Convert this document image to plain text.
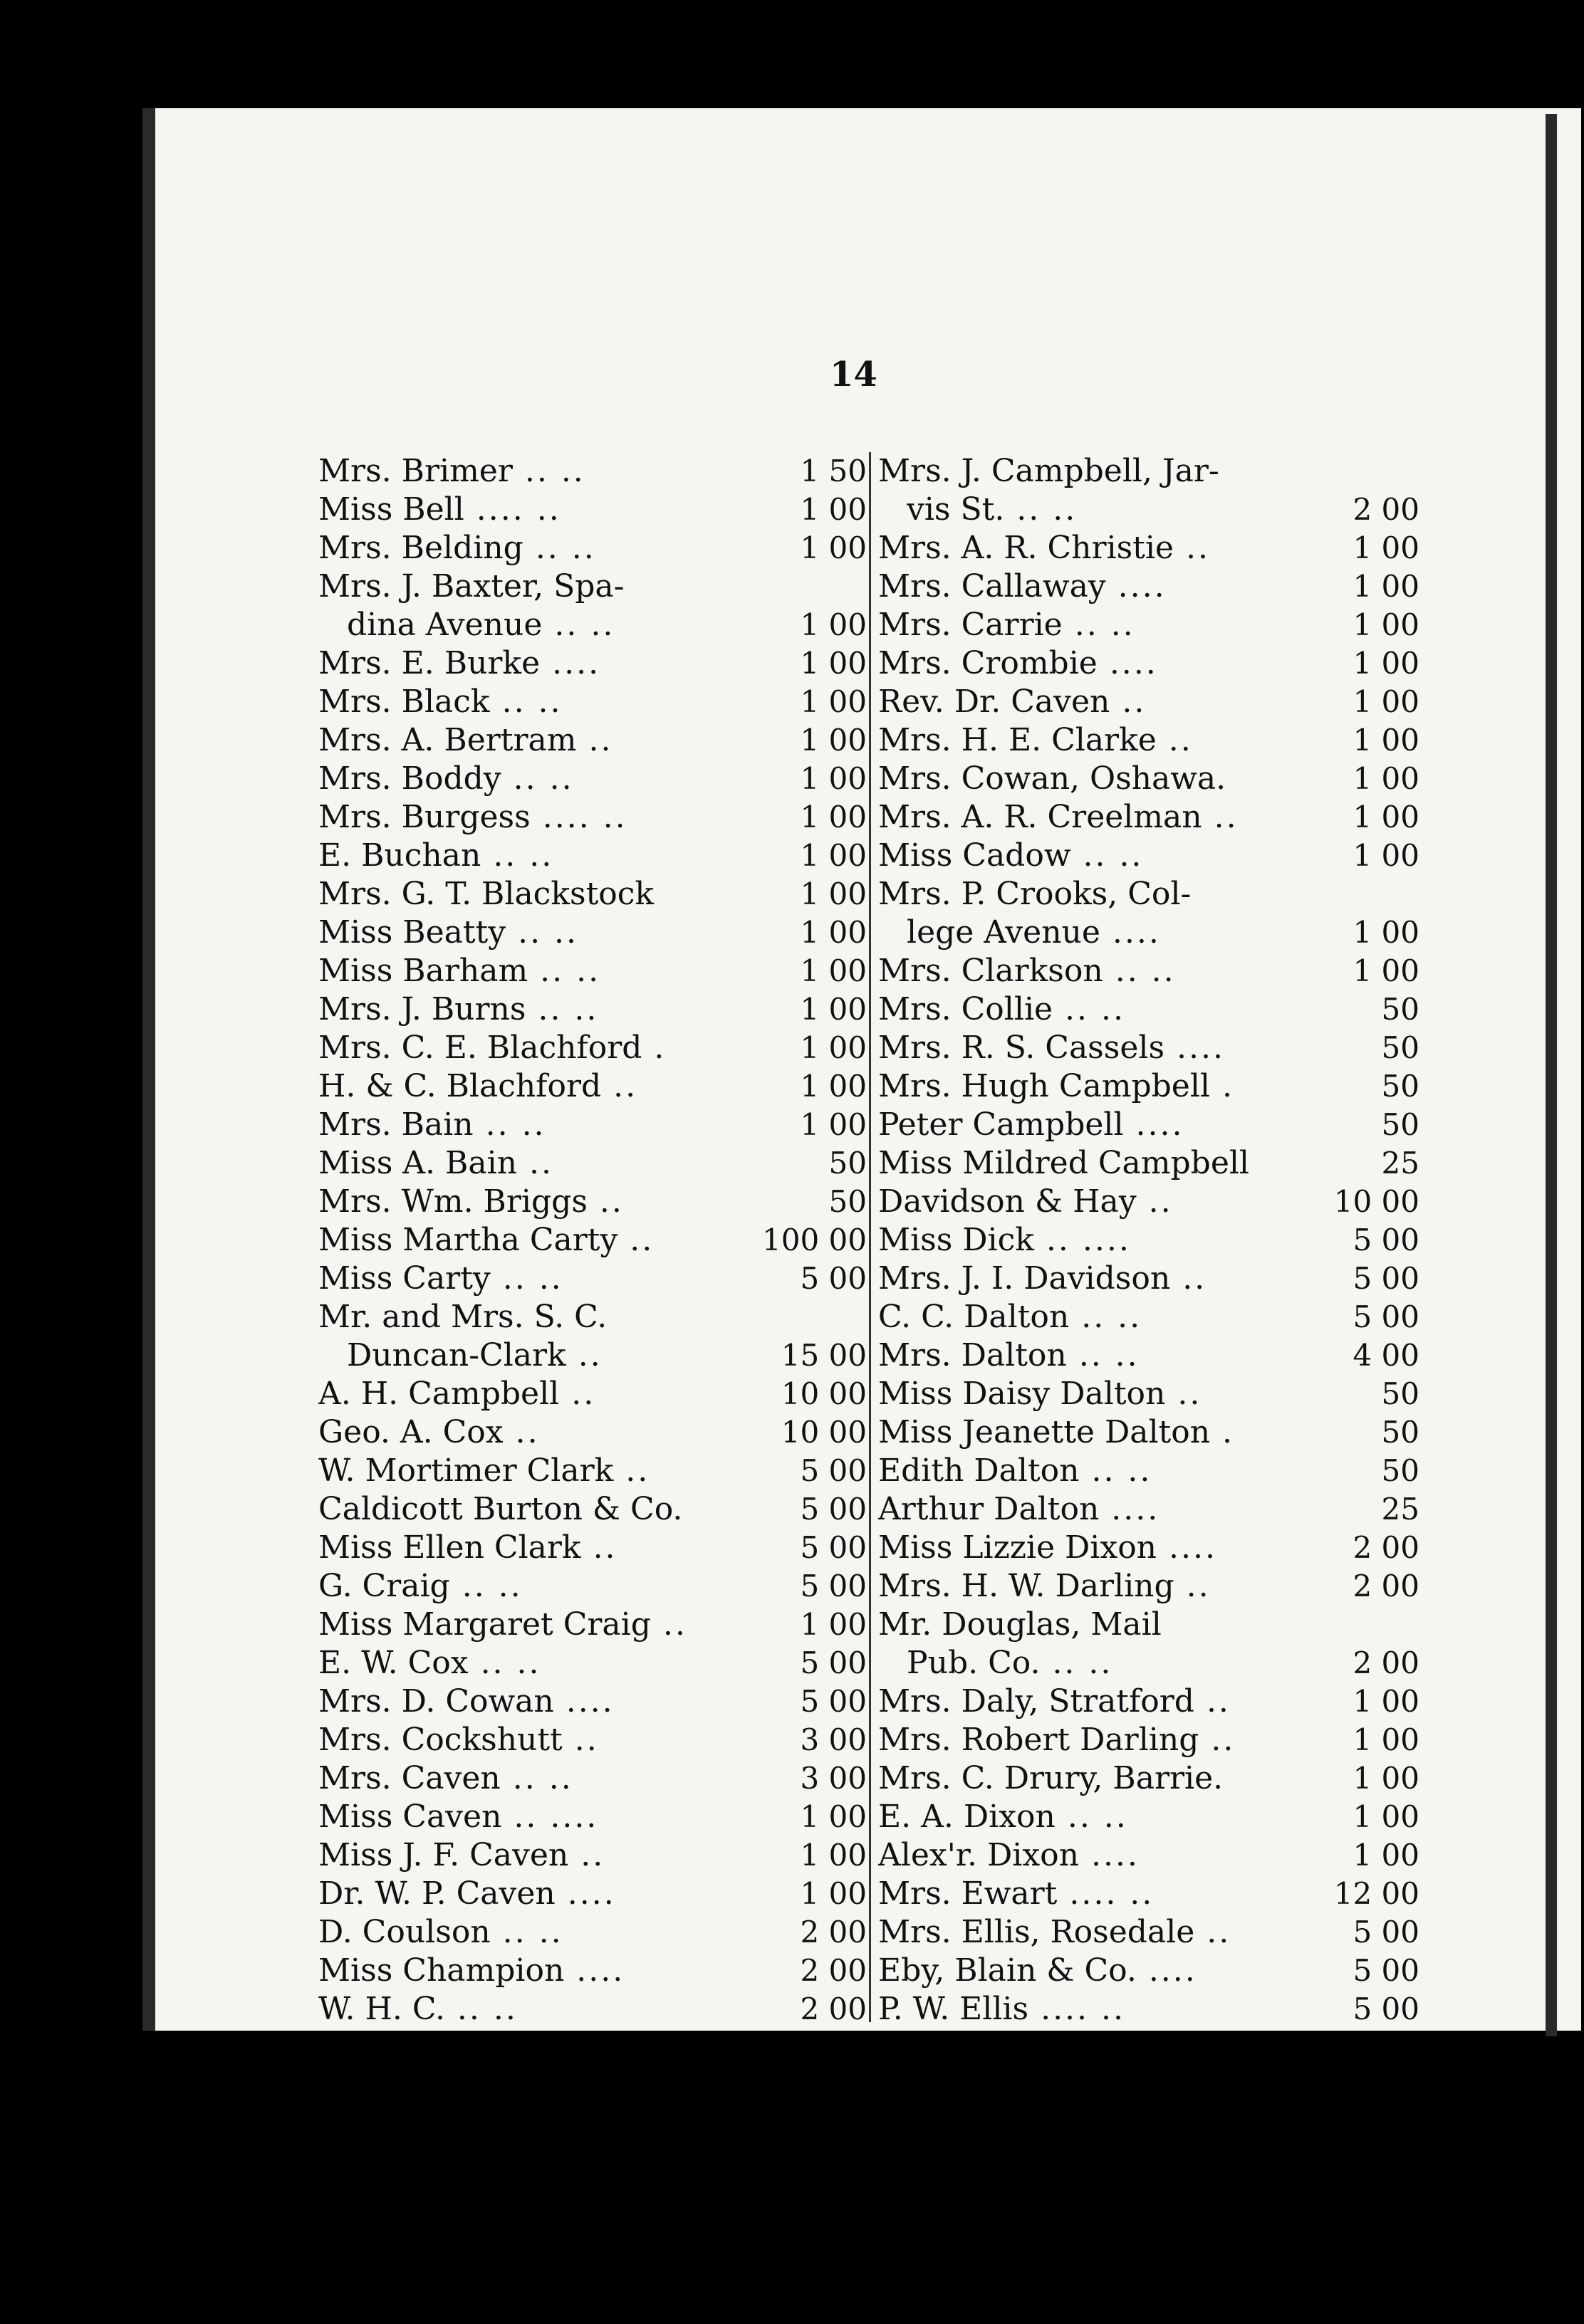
14
Mrs. Brimer .. ..	1 50
Miss Bell .... ..	1 00
Mrs. Belding .. ..	1 00
Mrs. J. Baxter, Spa-
dina Avenue .. ..	1 00
Mrs. E. Burke ....	1 00
Mrs. Black .. ..	1 00
Mrs. A. Bertram ..	1 00
Mrs. Boddy .. ..	1 00
Mrs. Burgess .... ..	1 00
E. Buchan .. ..	1 00
Mrs. G. T. Blackstock	1 00
Miss Beatty .. ..	1 00
Miss Barham .. ..	1 00
Mrs. J. Burns .. ..	1 00
Mrs. C. E. Blachford .	1 00
H. & C. Blachford ..	1 00
Mrs. Bain .. ..	1 00
Miss A. Bain ..	50
Mrs. Wm. Briggs ..	50
Miss Martha Carty ..	100 00
Miss Carty .. ..	5 00
Mr. and Mrs. S. C.
Duncan-Clark ..	15 00
A. H. Campbell ..	10 00
Geo. A. Cox ..	10 00
W. Mortimer Clark ..	5 00
Caldicott Burton & Co.	5 00
Miss Ellen Clark ..	5 00
G. Craig .. ..	5 00
Miss Margaret Craig ..	1 00
E. W. Cox .. ..	5 00
Mrs. D. Cowan ....	5 00
Mrs. Cockshutt ..	3 00
Mrs. Caven .. ..	3 00
Miss Caven .. ....	1 00
Miss J. F. Caven ..	1 00
Dr. W. P. Caven ....	1 00
D. Coulson .. ..	2 00
Miss Champion ....	2 00
W. H. C. .. ..	2 00
Mrs. J. Campbell, Jar-
vis St. .. ..	2 00
Mrs. A. R. Christie ..	1 00
Mrs. Callaway ....	1 00
Mrs. Carrie .. ..	1 00
Mrs. Crombie ....	1 00
Rev. Dr. Caven ..	1 00
Mrs. H. E. Clarke ..	1 00
Mrs. Cowan, Oshawa.	1 00
Mrs. A. R. Creelman ..	1 00
Miss Cadow .. ..	1 00
Mrs. P. Crooks, Col-
lege Avenue ....	1 00
Mrs. Clarkson .. ..	1 00
Mrs. Collie .. ..	50
Mrs. R. S. Cassels ....	50
Mrs. Hugh Campbell .	50
Peter Campbell ....	50
Miss Mildred Campbell	25
Davidson & Hay ..	10 00
Miss Dick .. ....	5 00
Mrs. J. I. Davidson ..	5 00
C. C. Dalton .. ..	5 00
Mrs. Dalton .. ..	4 00
Miss Daisy Dalton ..	50
Miss Jeanette Dalton .	50
Edith Dalton .. ..	50
Arthur Dalton ....	25
Miss Lizzie Dixon ....	2 00
Mrs. H. W. Darling ..	2 00
Mr. Douglas, Mail
Pub. Co. .. ..	2 00
Mrs. Daly, Stratford ..	1 00
Mrs. Robert Darling ..	1 00
Mrs. C. Drury, Barrie.	1 00
E. A. Dixon .. ..	1 00
Alex'r. Dixon ....	1 00
Mrs. Ewart .... ..	12 00
Mrs. Ellis, Rosedale ..	5 00
Eby, Blain & Co. ....	5 00
P. W. Ellis .... ..	5 00
